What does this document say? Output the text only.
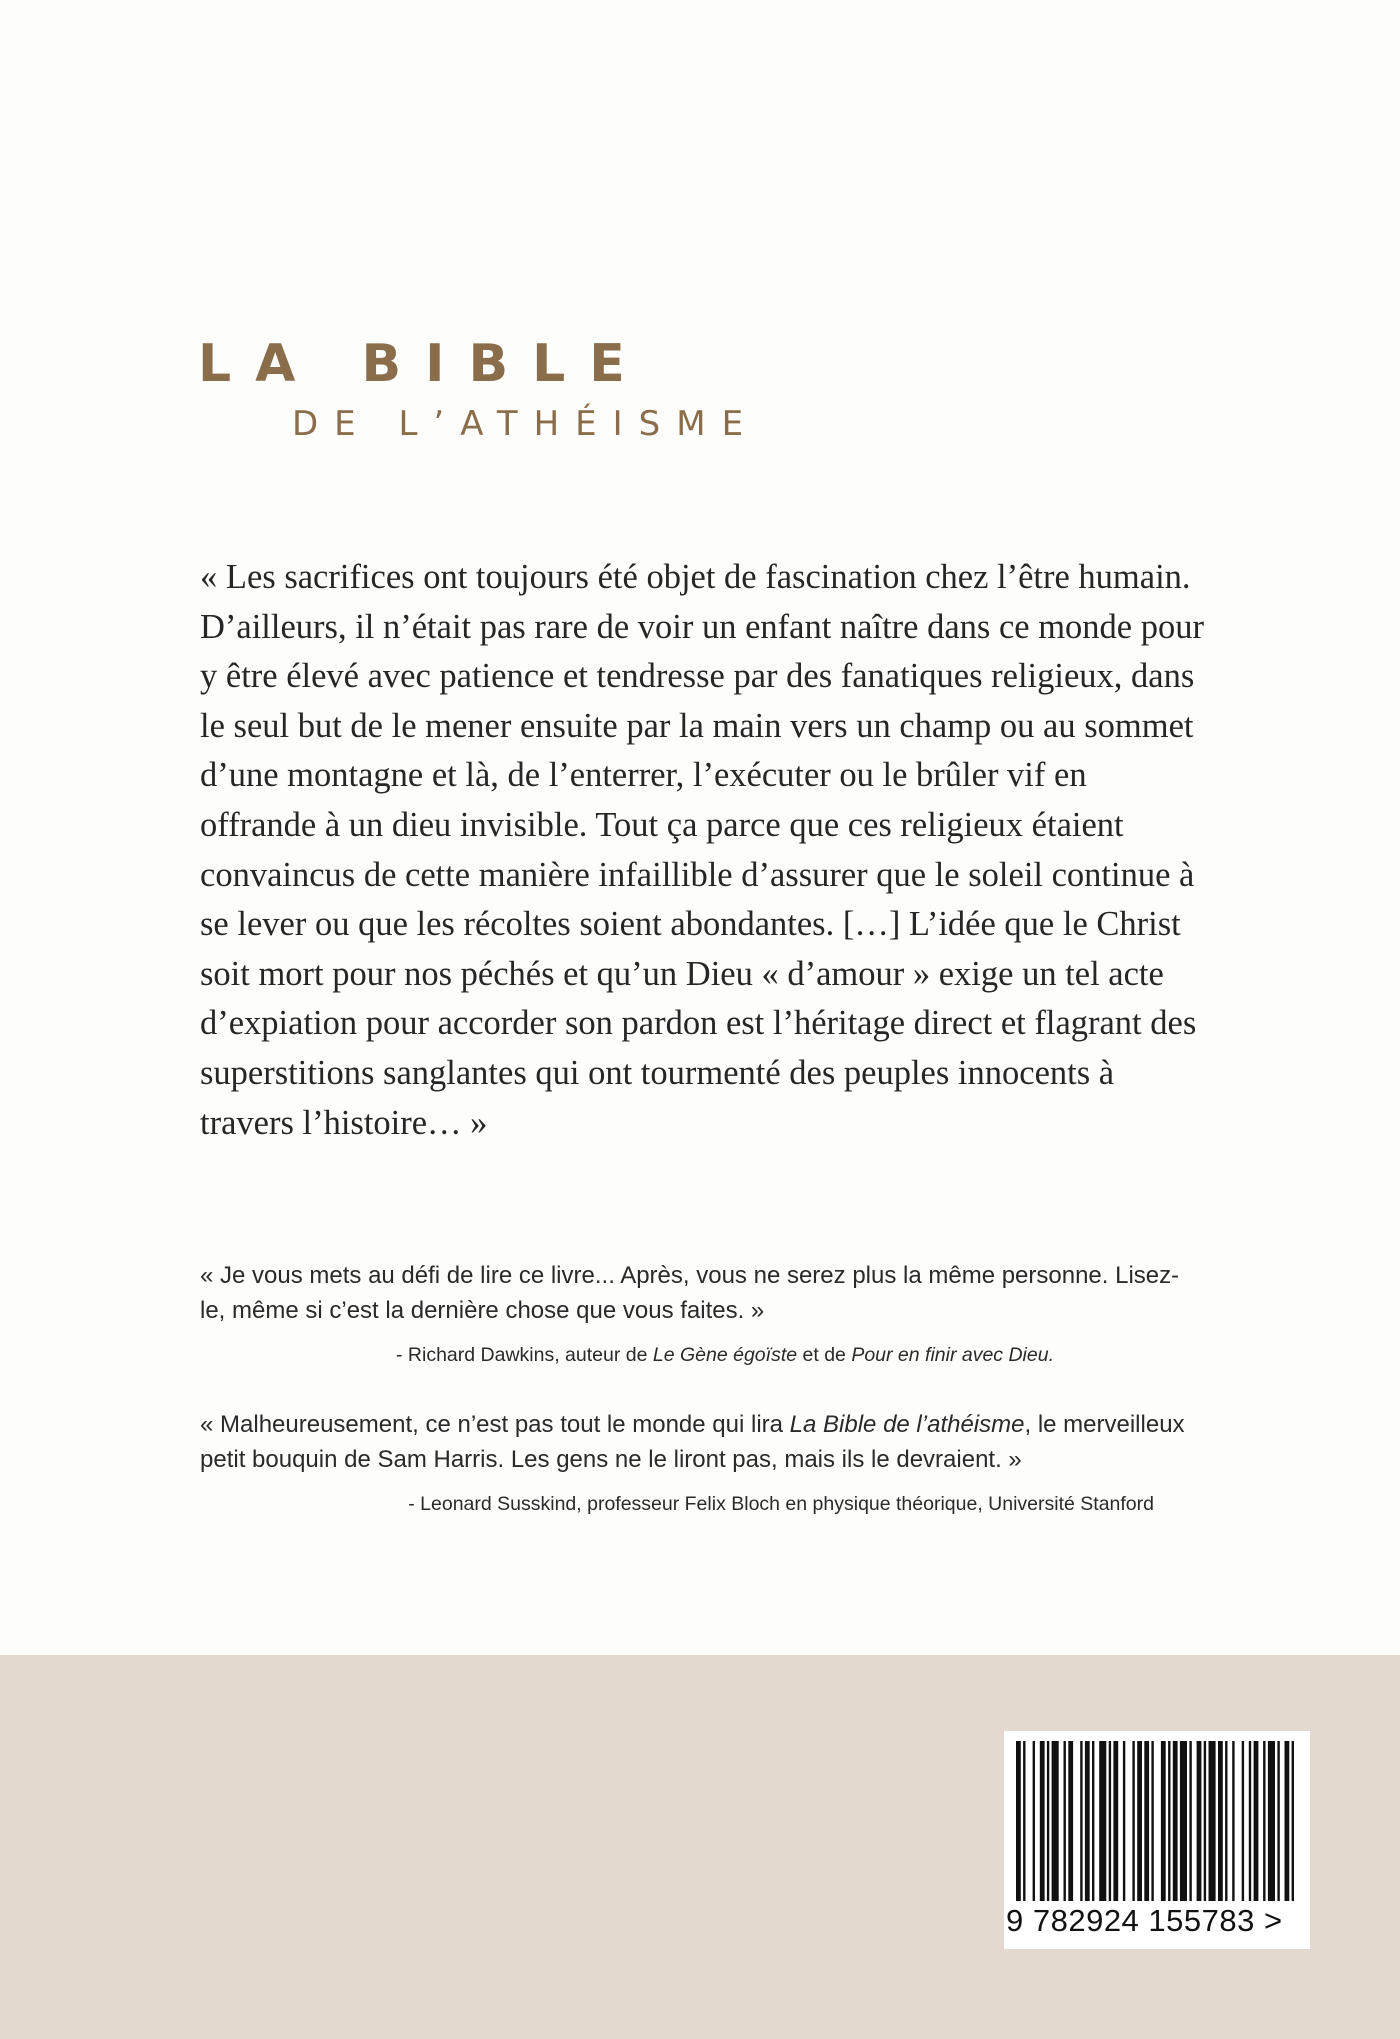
LA BIBLE
DE L’ATHÉISME

« Les sacrifices ont toujours été objet de fascination chez l’être humain. D’ailleurs, il n’était pas rare de voir un enfant naître dans ce monde pour y être élevé avec patience et tendresse par des fanatiques religieux, dans le seul but de le mener ensuite par la main vers un champ ou au sommet d’une montagne et là, de l’enterrer, l’exécuter ou le brûler vif en offrande à un dieu invisible. Tout ça parce que ces religieux étaient convaincus de cette manière infaillible d’assurer que le soleil continue à se lever ou que les récoltes soient abondantes. […] L’idée que le Christ soit mort pour nos péchés et qu’un Dieu « d’amour » exige un tel acte d’expiation pour accorder son pardon est l’héritage direct et flagrant des superstitions sanglantes qui ont tourmenté des peuples innocents à travers l’histoire… »

« Je vous mets au défi de lire ce livre... Après, vous ne serez plus la même personne. Lisez-le, même si c’est la dernière chose que vous faites. »

- Richard Dawkins, auteur de Le Gène égoïste et de Pour en finir avec Dieu.

« Malheureusement, ce n’est pas tout le monde qui lira La Bible de l’athéisme, le merveilleux petit bouquin de Sam Harris. Les gens ne le liront pas, mais ils le devraient. »

- Leonard Susskind, professeur Felix Bloch en physique théorique, Université Stanford

9 782924 155783 >
